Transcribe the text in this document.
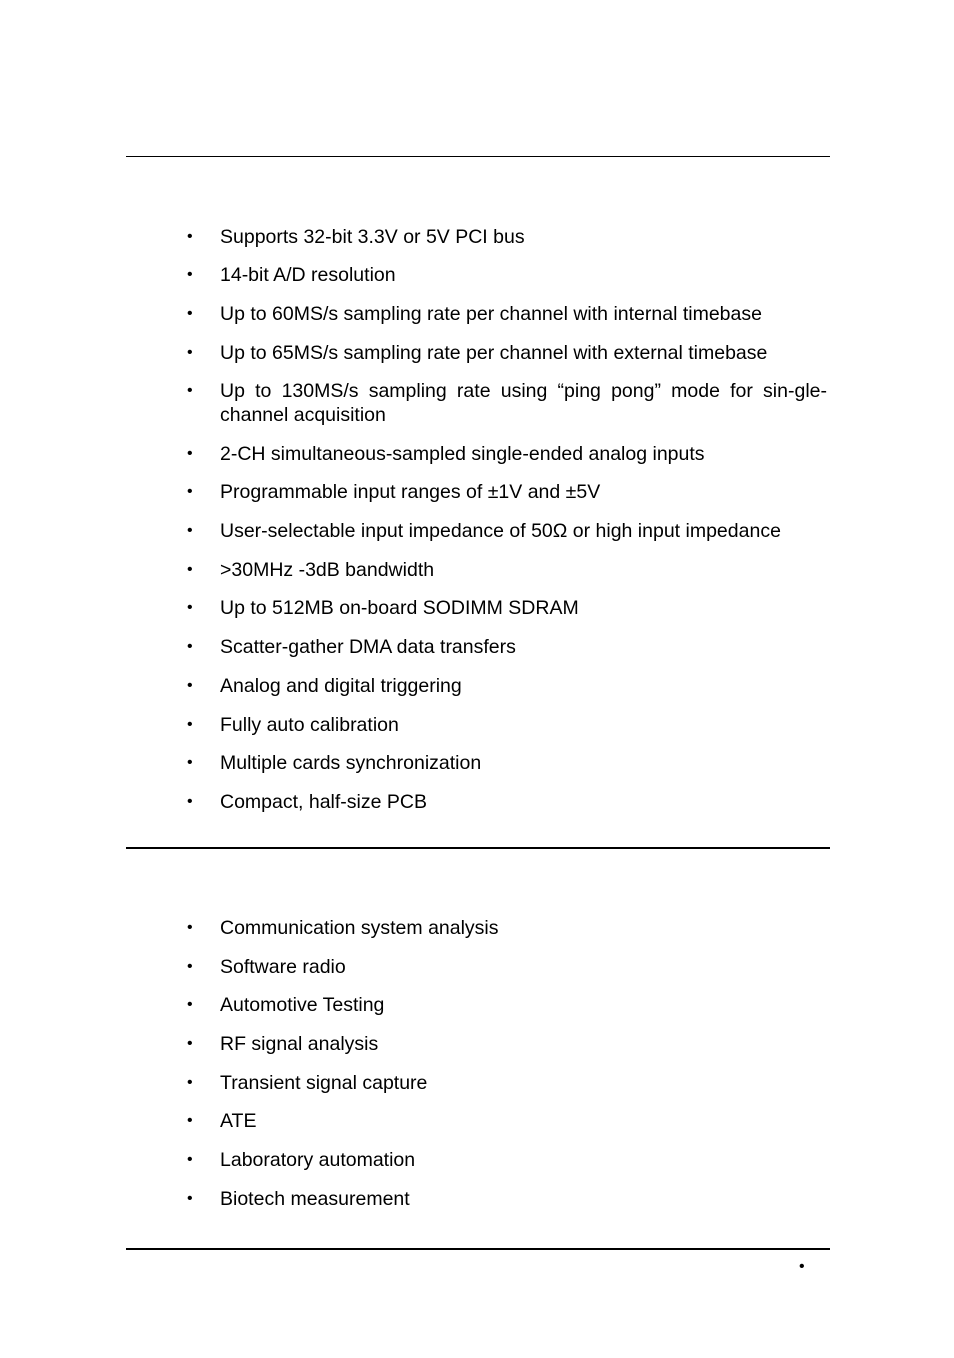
•	Supports 32-bit 3.3V or 5V PCI bus
•	14-bit A/D resolution
•	Up to 60MS/s sampling rate per channel with internal timebase
•	Up to 65MS/s sampling rate per channel with external timebase
•	Up to 130MS/s sampling rate using “ping pong” mode for sin-gle-channel acquisition
•	2-CH simultaneous-sampled single-ended analog inputs
•	Programmable input ranges of ±1V and ±5V
•	User-selectable input impedance of 50Ω or high input impedance
•	>30MHz -3dB bandwidth
•	Up to 512MB on-board SODIMM SDRAM
•	Scatter-gather DMA data transfers
•	Analog and digital triggering
•	Fully auto calibration
•	Multiple cards synchronization
•	Compact, half-size PCB
•	Communication system analysis
•	Software radio
•	Automotive Testing
•	RF signal analysis
•	Transient signal capture
•	ATE
•	Laboratory automation
•	Biotech measurement
•
